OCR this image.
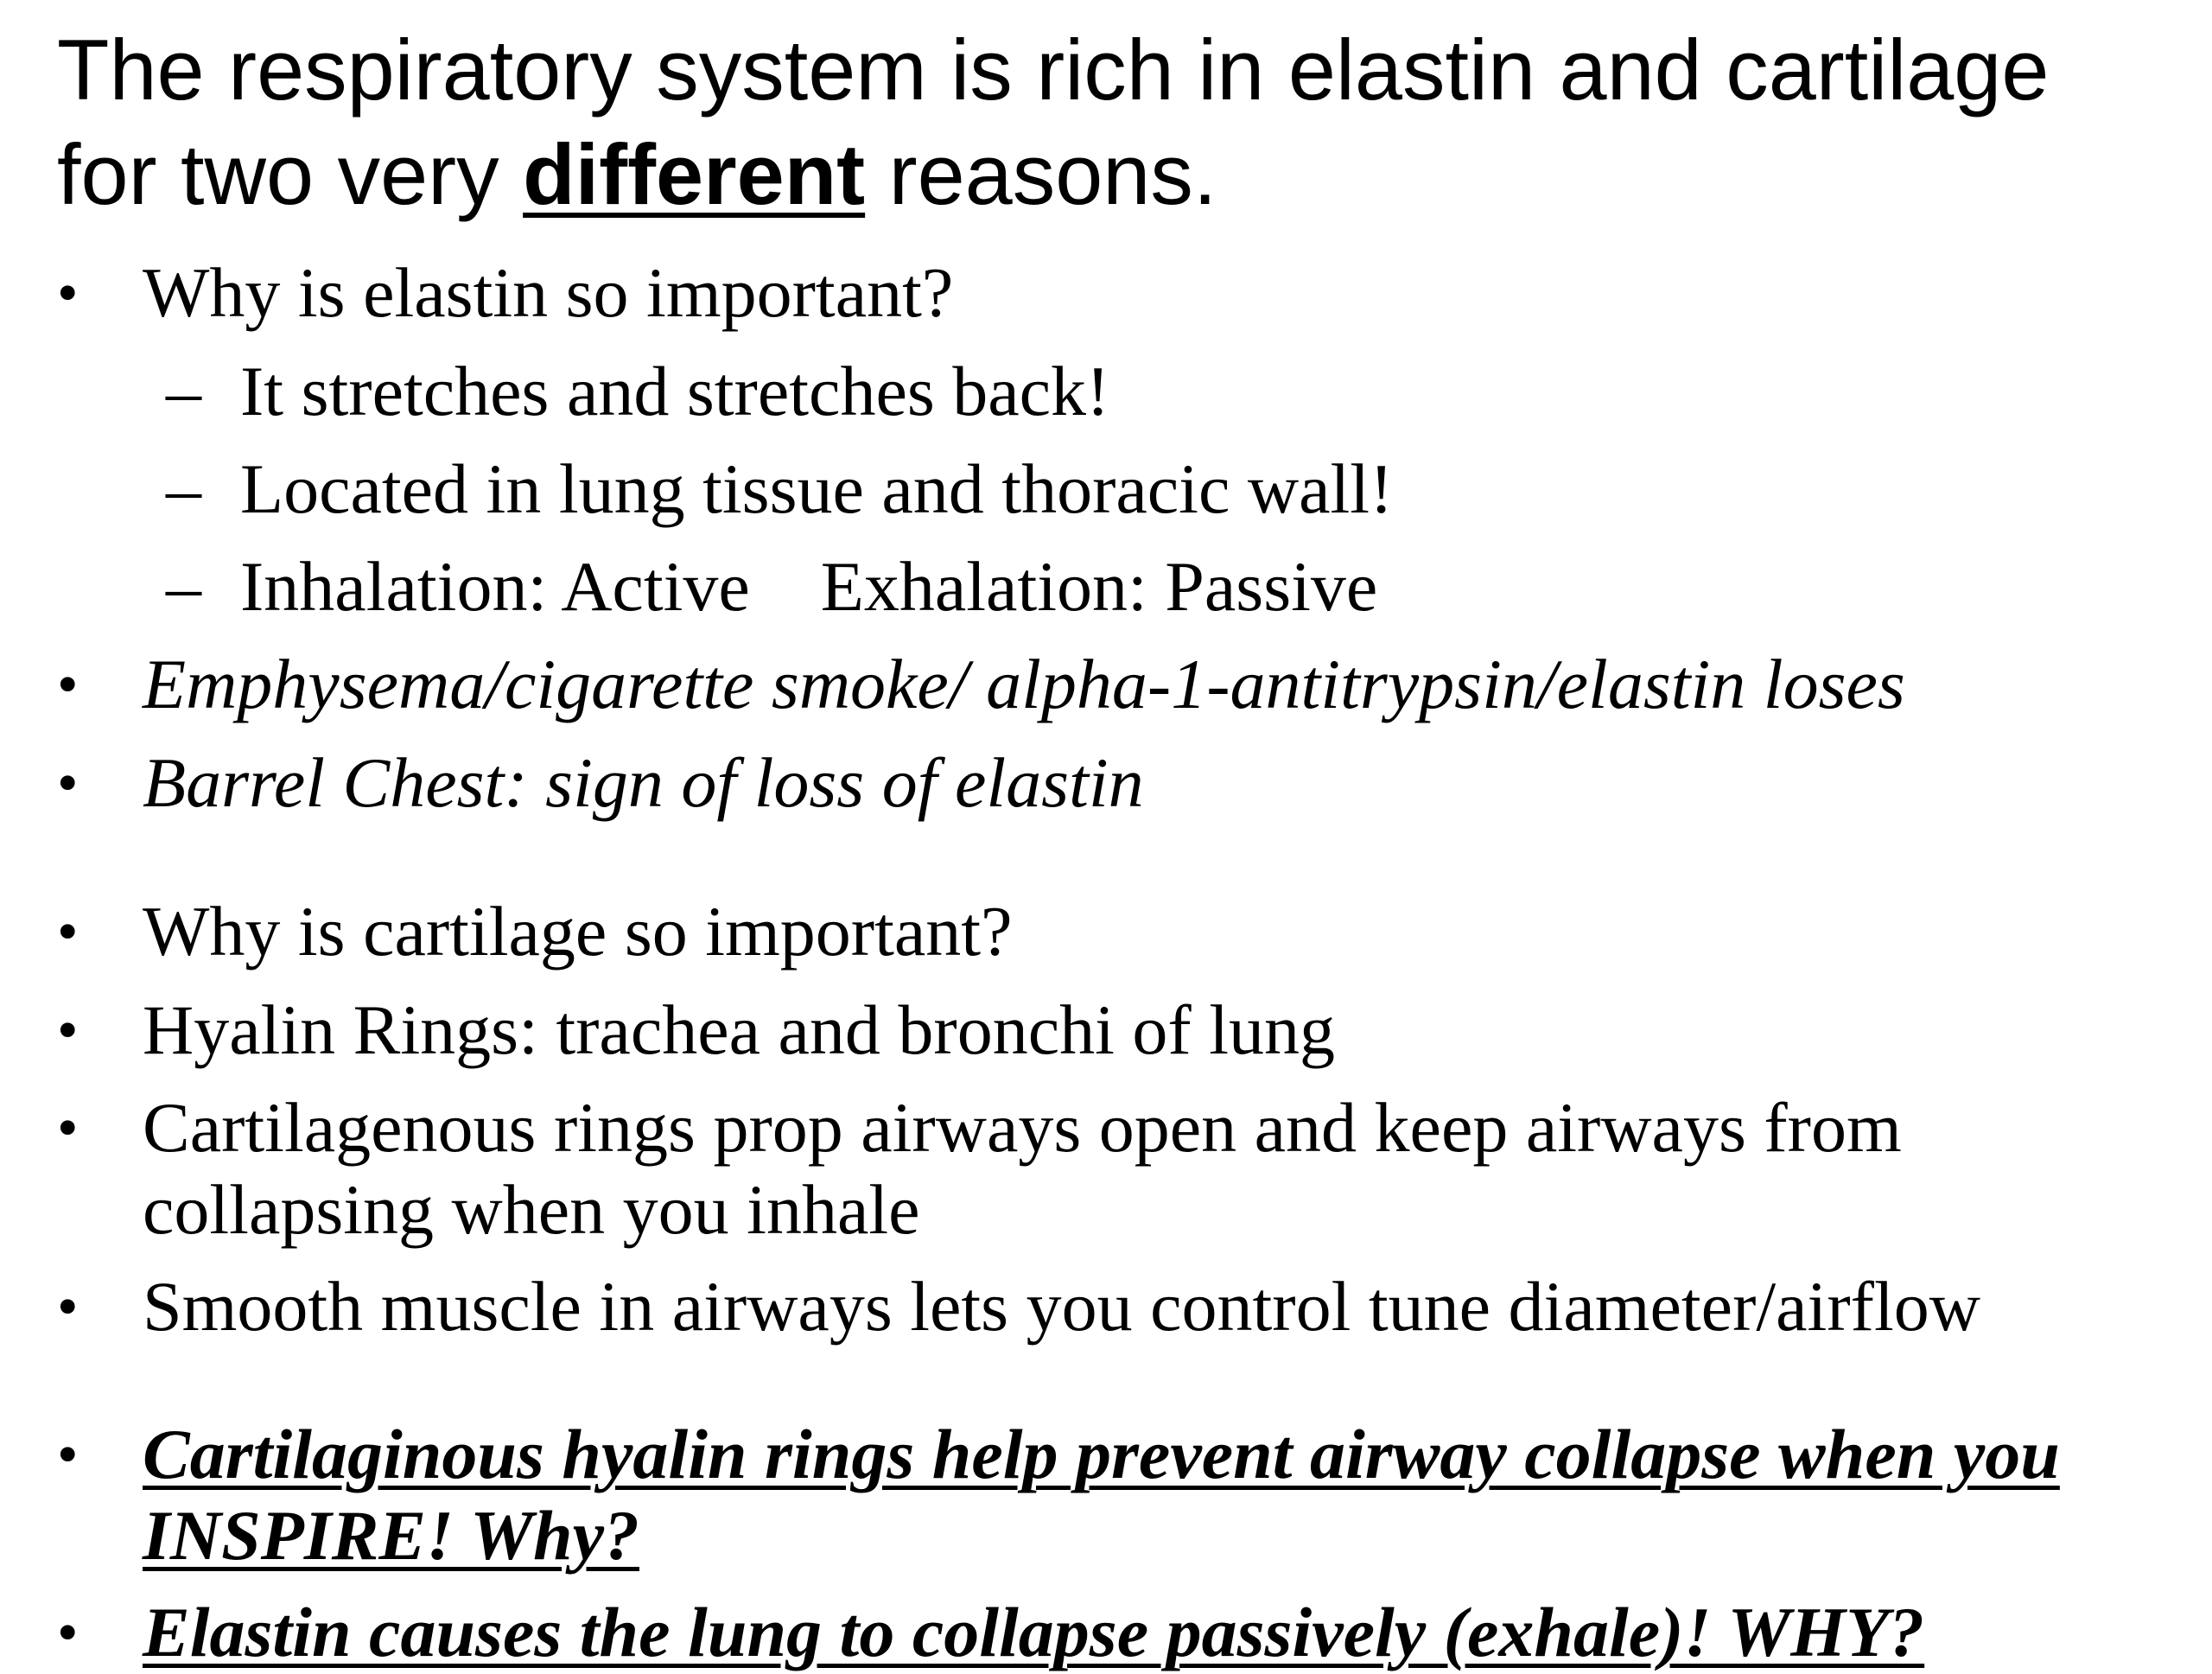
The respiratory system is rich in elastin and cartilage
for two very different reasons.
• Why is elastin so important?
– It stretches and stretches back!
– Located in lung tissue and thoracic wall!
– Inhalation: Active Exhalation: Passive
• Emphysema/cigarette smoke/ alpha-1-antitrypsin/elastin loses
• Barrel Chest: sign of loss of elastin
• Why is cartilage so important?
• Hyalin Rings: trachea and bronchi of lung
• Cartilagenous rings prop airways open and keep airways from
collapsing when you inhale
• Smooth muscle in airways lets you control tune diameter/airflow
• Cartilaginous hyalin rings help prevent airway collapse when you
INSPIRE! Why?
• Elastin causes the lung to collapse passively (exhale)! WHY?
